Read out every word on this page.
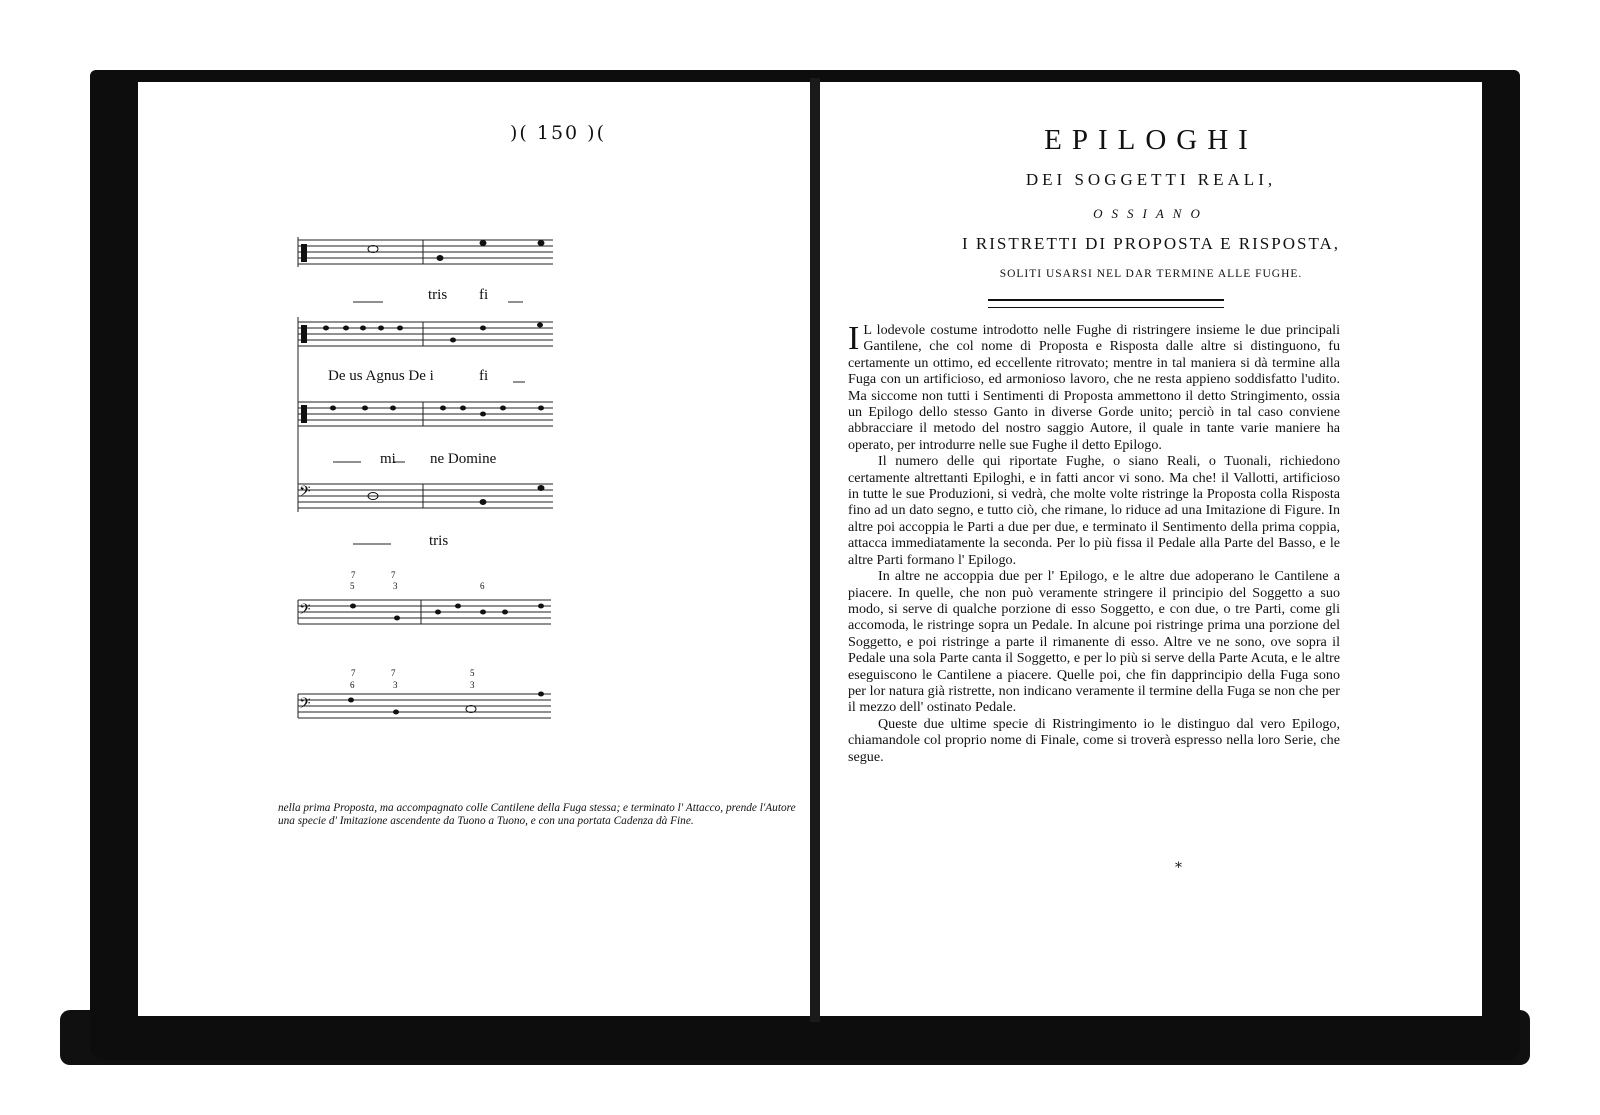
)( 150 )(
𝄢
𝄢
𝄢
7
5
7
3	6
7
6
7
3
5
3
tris fi
De us Agnus De i	fi
mi ne Domine
tris
nella prima Proposta, ma accompagnato colle Cantilene della Fuga stessa; e terminato l' Attacco, prende l'Autore una specie d' Imitazione ascendente da Tuono a Tuono, e con una portata Cadenza dà Fine.
EPILOGHI
DEI SOGGETTI REALI,
OSSIANO
I RISTRETTI DI PROPOSTA E RISPOSTA,
SOLITI USARSI NEL DAR TERMINE ALLE FUGHE.

I L lodevole costume introdotto nelle Fughe di ristringere insieme le due principali Gantilene, che col nome di Proposta e Risposta dalle altre si distinguono, fu certamente un ottimo, ed eccellente ritrovato; mentre in tal maniera si dà termine alla Fuga con un artificioso, ed armonioso lavoro, che ne resta appieno soddisfatto l'udito. Ma siccome non tutti i Sentimenti di Proposta ammettono il detto Stringimento, ossia un Epilogo dello stesso Ganto in diverse Gorde unito; perciò in tal caso conviene abbracciare il metodo del nostro saggio Autore, il quale in tante varie maniere ha operato, per introdurre nelle sue Fughe il detto Epilogo.

Il numero delle qui riportate Fughe, o siano Reali, o Tuonali, richiedono certamente altrettanti Epiloghi, e in fatti ancor vi sono. Ma che! il Vallotti, artificioso in tutte le sue Produzioni, si vedrà, che molte volte ristringe la Proposta colla Risposta fino ad un dato segno, e tutto ciò, che rimane, lo riduce ad una Imitazione di Figure. In altre poi accoppia le Parti a due per due, e terminato il Sentimento della prima coppia, attacca immediatamente la seconda. Per lo più fissa il Pedale alla Parte del Basso, e le altre Parti formano l' Epilogo.

In altre ne accoppia due per l' Epilogo, e le altre due adoperano le Cantilene a piacere. In quelle, che non può veramente stringere il principio del Soggetto a suo modo, si serve di qualche porzione di esso Soggetto, e con due, o tre Parti, come gli accomoda, le ristringe sopra un Pedale. In alcune poi ristringe prima una porzione del Soggetto, e poi ristringe a parte il rimanente di esso. Altre ve ne sono, ove sopra il Pedale una sola Parte canta il Soggetto, e per lo più si serve della Parte Acuta, e le altre eseguiscono le Cantilene a piacere. Quelle poi, che fin dapprincipio della Fuga sono per lor natura già ristrette, non indicano veramente il termine della Fuga se non che per il mezzo dell' ostinato Pedale.

Queste due ultime specie di Ristringimento io le distinguo dal vero Epilogo, chiamandole col proprio nome di Finale, come si troverà espresso nella loro Serie, che segue.

*
